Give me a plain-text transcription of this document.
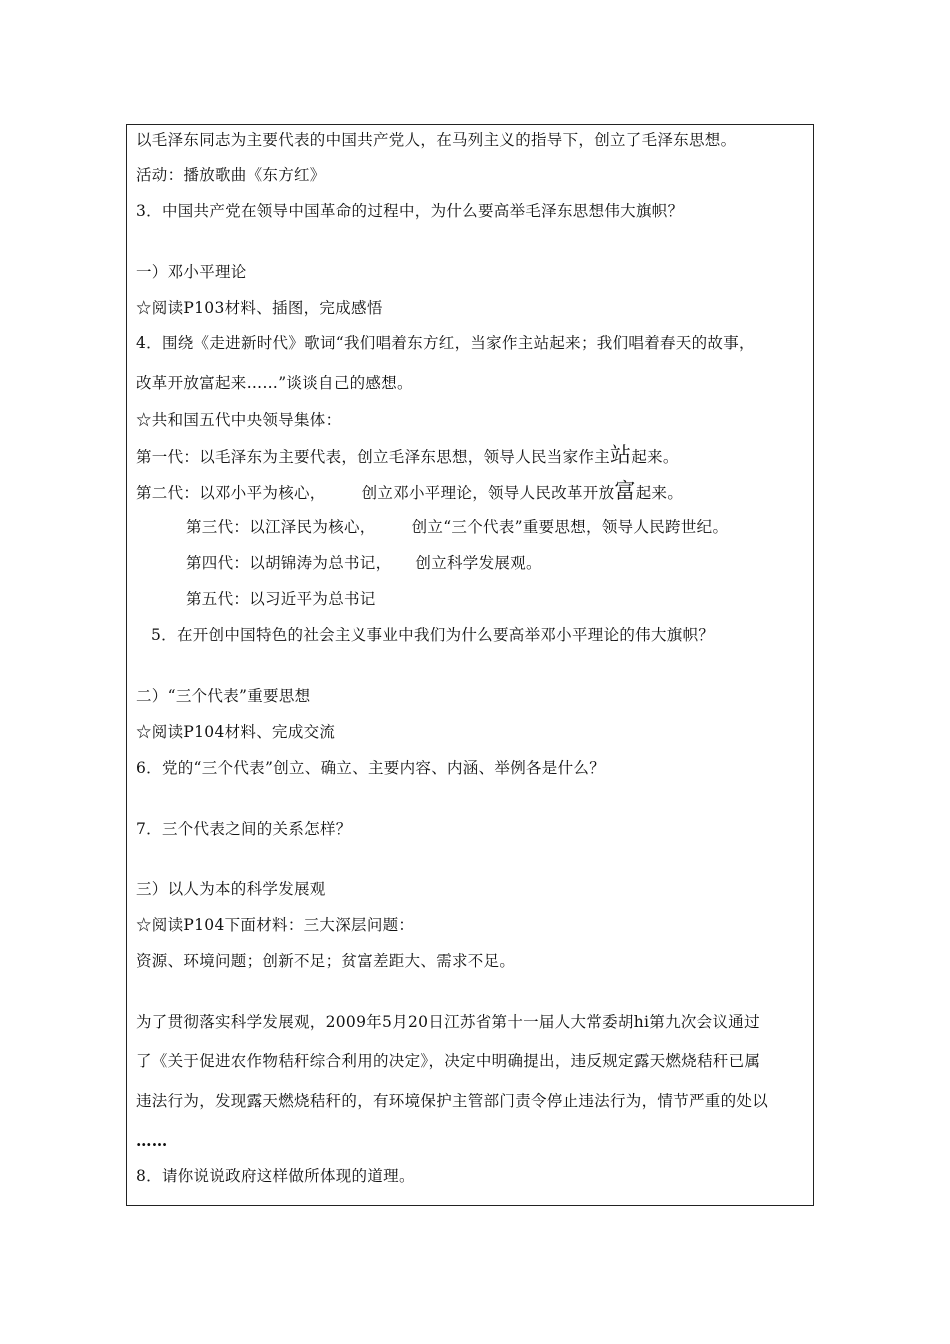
以毛泽东同志为主要代表的中国共产党人，在马列主义的指导下，创立了毛泽东思想。
活动：播放歌曲《东方红》
3．中国共产党在领导中国革命的过程中，为什么要高举毛泽东思想伟大旗帜？
一）邓小平理论
☆阅读P103材料、插图，完成感悟
4．围绕《走进新时代》歌词“我们唱着东方红，当家作主站起来；我们唱着春天的故事，
改革开放富起来……”谈谈自己的感想。
☆共和国五代中央领导集体：
第一代：以毛泽东为主要代表，创立毛泽东思想，领导人民当家作主站起来。
第二代：以邓小平为核心， 创立邓小平理论，领导人民改革开放富起来。
第三代：以江泽民为核心， 创立“三个代表”重要思想，领导人民跨世纪。
第四代：以胡锦涛为总书记， 创立科学发展观。
第五代：以习近平为总书记
5．在开创中国特色的社会主义事业中我们为什么要高举邓小平理论的伟大旗帜？
二）“三个代表”重要思想
☆阅读P104材料、完成交流
6．党的“三个代表”创立、确立、主要内容、内涵、举例各是什么？
7．三个代表之间的关系怎样？
三）以人为本的科学发展观
☆阅读P104下面材料：三大深层问题：
资源、环境问题；创新不足；贫富差距大、需求不足。
为了贯彻落实科学发展观，2009年5月20日江苏省第十一届人大常委胡hi第九次会议通过
了《关于促进农作物秸秆综合利用的决定》，决定中明确提出，违反规定露天燃烧秸秆已属
违法行为，发现露天燃烧秸秆的，有环境保护主管部门责令停止违法行为，情节严重的处以
……
8．请你说说政府这样做所体现的道理。
